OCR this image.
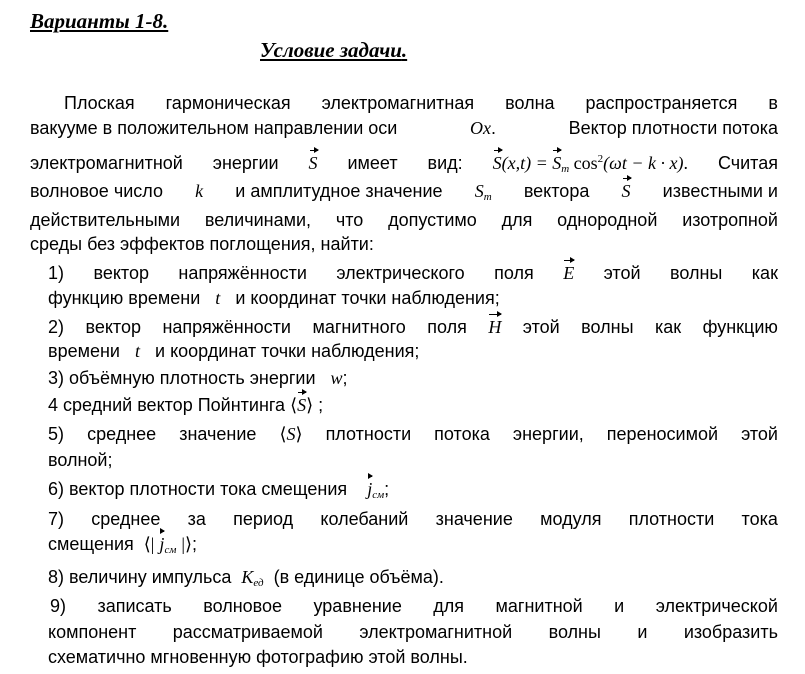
Варианты 1-8.
Условие задачи.
Плоская гармоническая электромагнитная волна распространяется в
вакууме в положительном направлении оси	Ox.	Вектор плотности потока
электромагнитной энергии S имеет вид: $S(x,t) = S_m$ $\cos^2(\omega t - k \cdot x)$. Считая
волновое число k и амплитудное значение $S_m$ вектора S известными и
действительными величинами, что допустимо для однородной изотропной
среды без эффектов поглощения, найти:
1) вектор напряжённости электрического поля E этой волны как
функцию времени t и координат точки наблюдения;
2) вектор напряжённости магнитного поля H этой волны как функцию
времени t и координат точки наблюдения;
3) объёмную плотность энергии w;
4 средний вектор Пойнтинга ⟨S⟩ ;
5) среднее значение ⟨S⟩ плотности потока энергии, переносимой этой
волной;
6) вектор плотности тока смещения $j_{см}$;
7) среднее за период колебаний значение модуля плотности тока
смещения ⟨| $j_{см}$ |⟩;
8) величину импульса $K_{ед}$ (в единице объёма).
9) записать волновое уравнение для магнитной и электрической
компонент рассматриваемой электромагнитной волны и изобразить
схематично мгновенную фотографию этой волны.
